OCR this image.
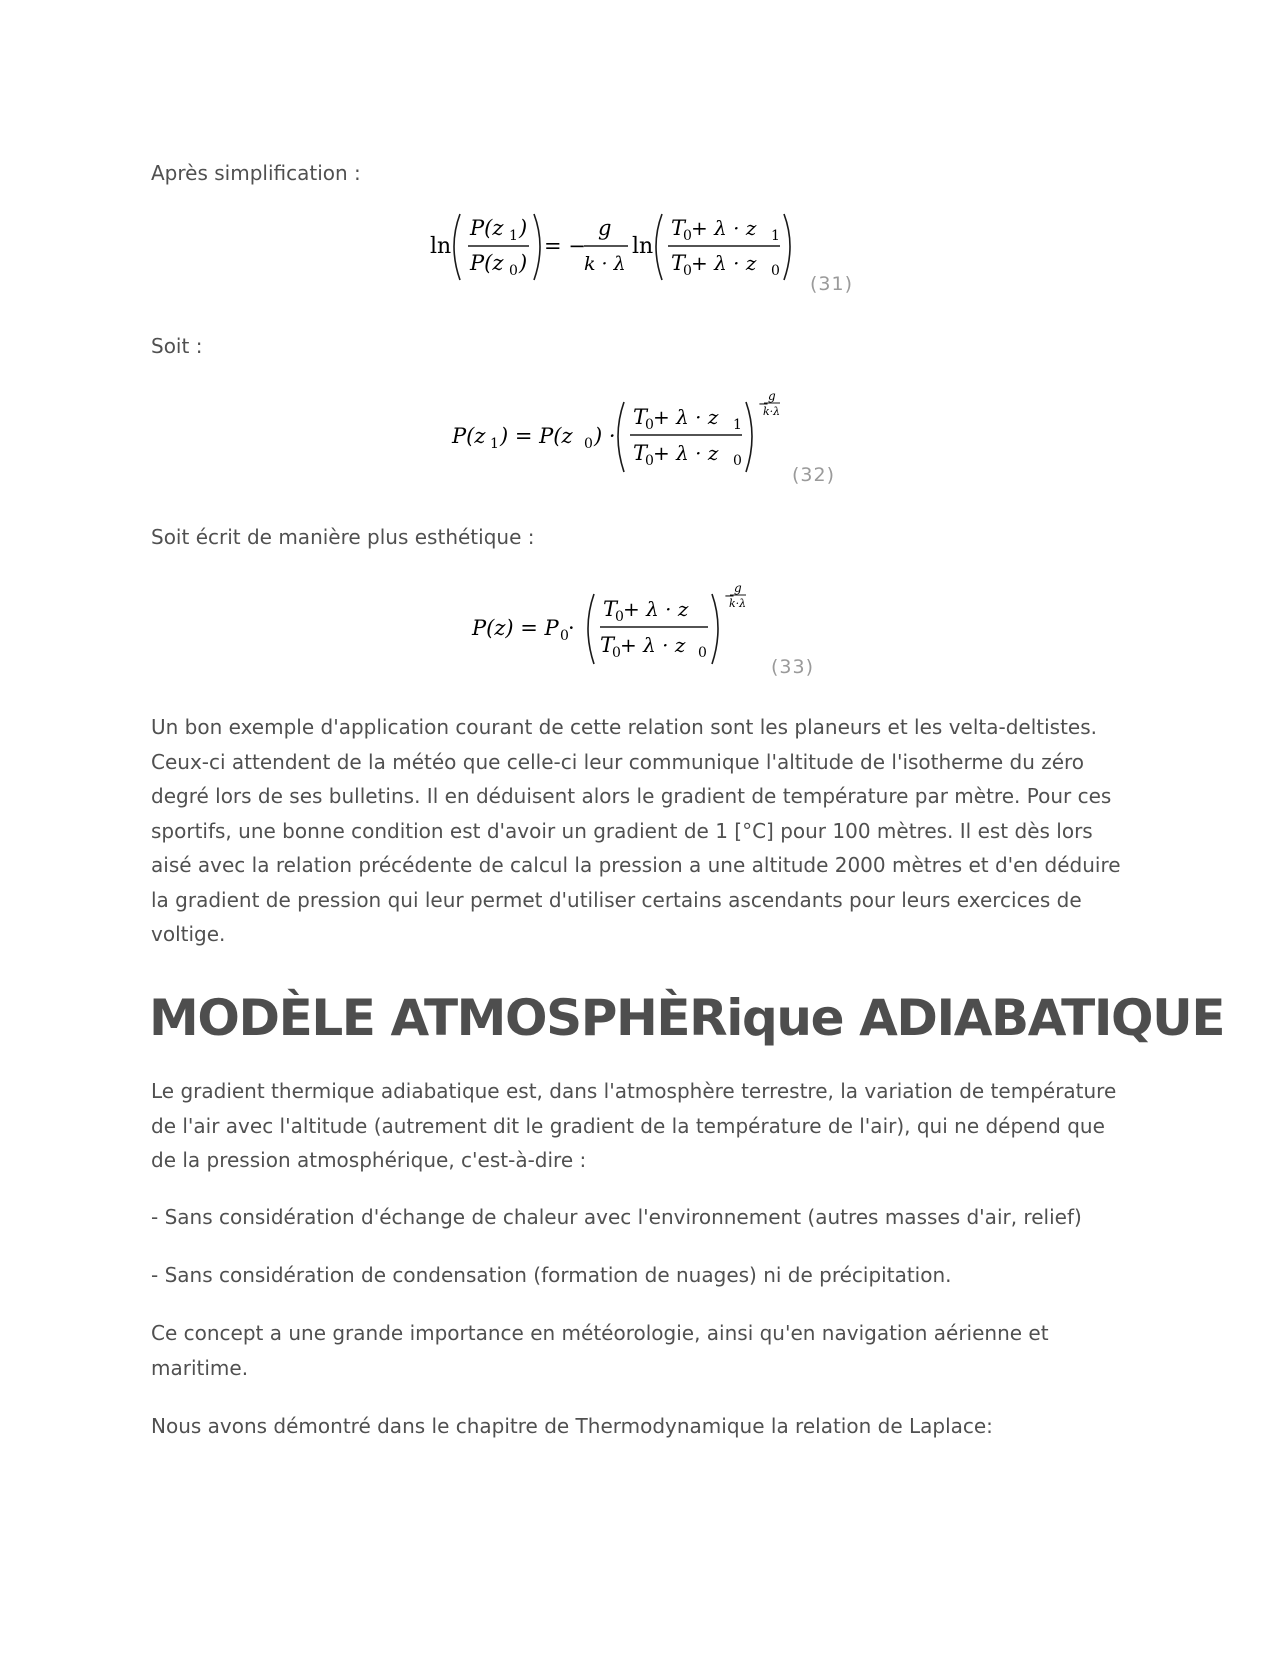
Après simplification :

ln
P(z 1 )
P(z 0 )
= −
g
k · λ
ln
T
0 + λ · z 1
T
0 + λ · z 0
(31)

Soit :

P(z 1 ) = P(z 0 ) ·
T
0 + λ · z 1
T
0 + λ · z 0
−
g
k·λ
(32)

Soit écrit de manière plus esthétique :

P(z) = P 0 ·
T
0 + λ · z
T
0 + λ · z 0
−
g
k·λ
(33)

Un bon exemple d'application courant de cette relation sont les planeurs et les velta-deltistes. Ceux-ci attendent de la météo que celle-ci leur communique l'altitude de l'isotherme du zéro degré lors de ses bulletins. Il en déduisent alors le gradient de température par mètre. Pour ces sportifs, une bonne condition est d'avoir un gradient de 1 [°C] pour 100 mètres. Il est dès lors aisé avec la relation précédente de calcul la pression a une altitude 2000 mètres et d'en déduire la gradient de pression qui leur permet d'utiliser certains ascendants pour leurs exercices de voltige.

MODÈLE ATMOSPHÈRique ADIABATIQUE

Le gradient thermique adiabatique est, dans l'atmosphère terrestre, la variation de température de l'air avec l'altitude (autrement dit le gradient de la température de l'air), qui ne dépend que de la pression atmosphérique, c'est-à-dire :

- Sans considération d'échange de chaleur avec l'environnement (autres masses d'air, relief)

- Sans considération de condensation (formation de nuages) ni de précipitation.

Ce concept a une grande importance en météorologie, ainsi qu'en navigation aérienne et maritime.

Nous avons démontré dans le chapitre de Thermodynamique la relation de Laplace:
